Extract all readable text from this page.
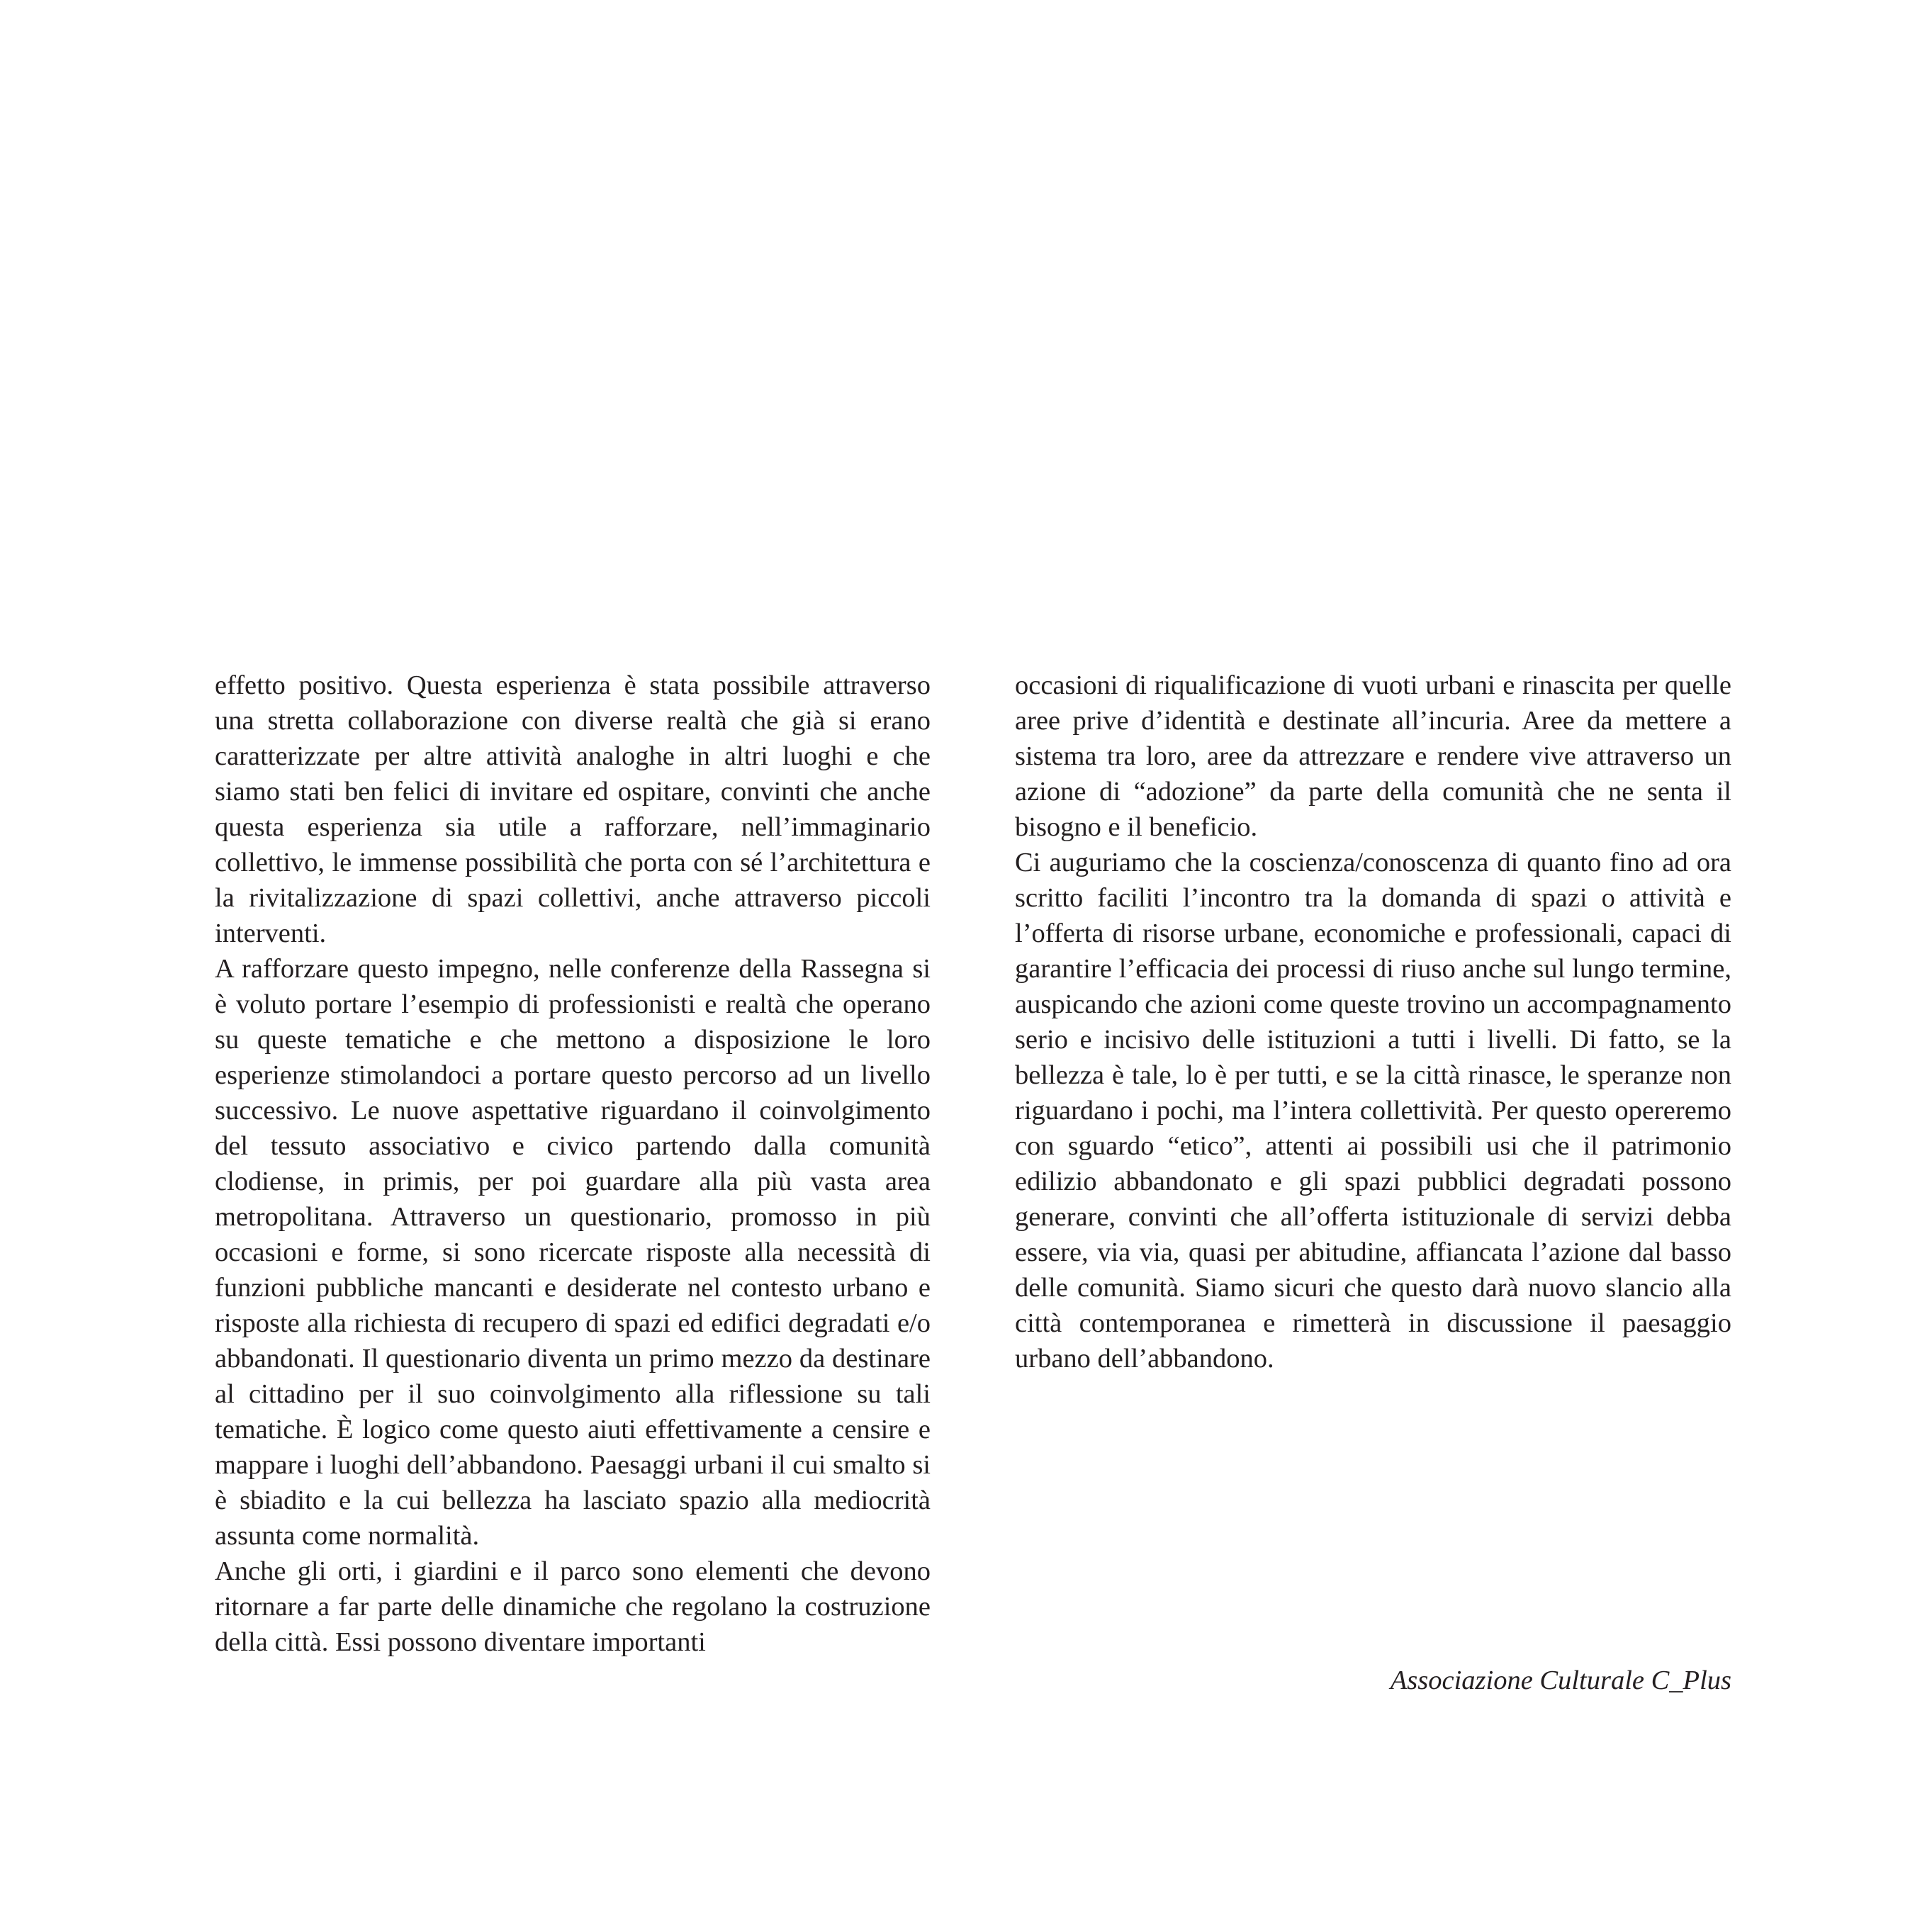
effetto positivo. Questa esperienza è stata possibile attraverso una stretta collaborazione con diverse realtà che già si erano caratterizzate per altre attività analoghe in altri luoghi e che siamo stati ben felici di invitare ed ospitare, convinti che anche questa esperienza sia utile a rafforzare, nell’immaginario collettivo, le immense possibilità che porta con sé l’architettura e la rivitalizzazione di spazi collettivi, anche attraverso piccoli interventi.

A rafforzare questo impegno, nelle conferenze della Rassegna si è voluto portare l’esempio di professionisti e realtà che operano su queste tematiche e che mettono a disposizione le loro esperienze stimolandoci a portare questo percorso ad un livello successivo. Le nuove aspettative riguardano il coinvolgimento del tessuto associativo e civico partendo dalla comunità clodiense, in primis, per poi guardare alla più vasta area metropolitana. Attraverso un questionario, promosso in più occasioni e forme, si sono ricercate risposte alla necessità di funzioni pubbliche mancanti e desiderate nel contesto urbano e risposte alla richiesta di recupero di spazi ed edifici degradati e/o abbandonati. Il questionario diventa un primo mezzo da destinare al cittadino per il suo coinvolgimento alla riflessione su tali tematiche. È logico come questo aiuti effettivamente a censire e mappare i luoghi dell’abbandono. Paesaggi urbani il cui smalto si è sbiadito e la cui bellezza ha lasciato spazio alla mediocrità assunta come normalità.

Anche gli orti, i giardini e il parco sono elementi che devono ritornare a far parte delle dinamiche che regolano la costruzione della città. Essi possono diventare importanti

occasioni di riqualificazione di vuoti urbani e rinascita per quelle aree prive d’identità e destinate all’incuria. Aree da mettere a sistema tra loro, aree da attrezzare e rendere vive attraverso un azione di “adozione” da parte della comunità che ne senta il bisogno e il beneficio.

Ci auguriamo che la coscienza/conoscenza di quanto fino ad ora scritto faciliti l’incontro tra la domanda di spazi o attività e l’offerta di risorse urbane, economiche e professionali, capaci di garantire l’efficacia dei processi di riuso anche sul lungo termine, auspicando che azioni come queste trovino un accompagnamento serio e incisivo delle istituzioni a tutti i livelli. Di fatto, se la bellezza è tale, lo è per tutti, e se la città rinasce, le speranze non riguardano i pochi, ma l’intera collettività. Per questo opereremo con sguardo “etico”, attenti ai possibili usi che il patrimonio edilizio abbandonato e gli spazi pubblici degradati possono generare, convinti che all’offerta istituzionale di servizi debba essere, via via, quasi per abitudine, affiancata l’azione dal basso delle comunità. Siamo sicuri che questo darà nuovo slancio alla città contemporanea e rimetterà in discussione il paesaggio urbano dell’abbandono.

Associazione Culturale C_Plus
